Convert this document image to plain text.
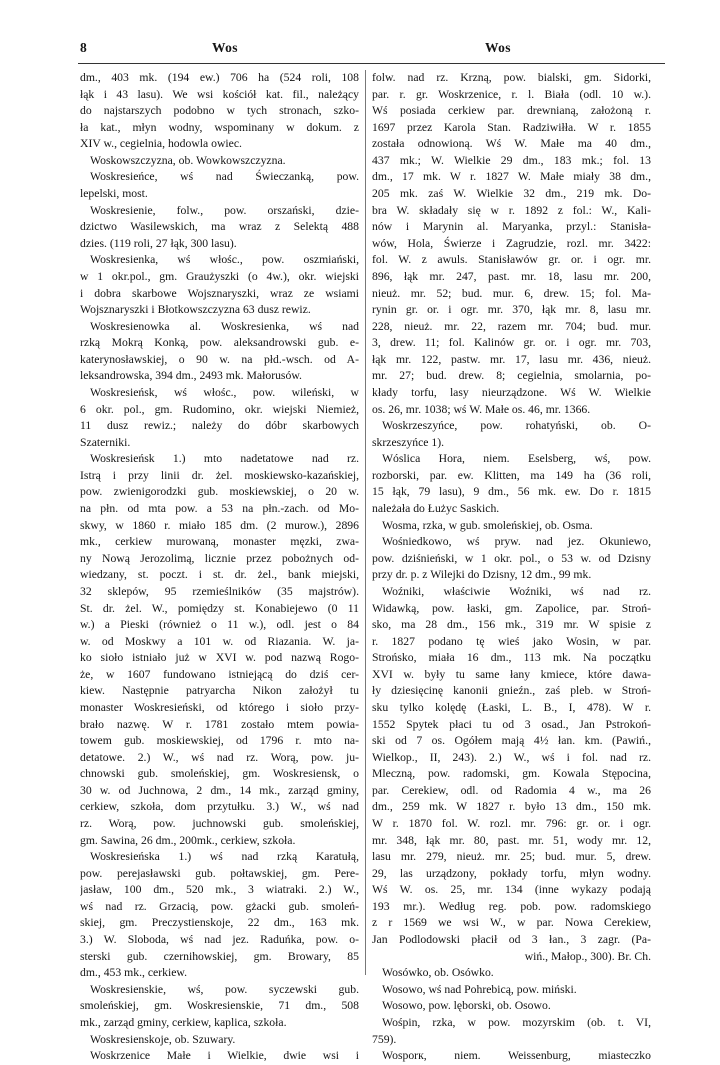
8	Wos	Wos
dm., 403 mk. (194 ew.) 706 ha (524 roli, 108
łąk i 43 lasu). We wsi kościół kat. fil., należący
do najstarszych podobno w tych stronach, szko-
ła kat., młyn wodny, wspominany w dokum. z
XIV w., cegielnia, hodowla owiec.
Woskowszczyzna, ob. Wowkowszczyzna.
Woskresieńce, wś nad Świeczanką, pow.
lepelski, most.
Woskresienie, folw., pow. orszański, dzie-
dzictwo Wasilewskich, ma wraz z Selektą 488
dzies. (119 roli, 27 łąk, 300 lasu).
Woskresienka, wś włośc., pow. oszmiański,
w 1 okr.pol., gm. Graużyszki (o 4w.), okr. wiejski
i dobra skarbowe Wojsznaryszki, wraz ze wsiami
Wojsznaryszki i Błotkowszczyzna 63 dusz rewiz.
Woskresienowka al. Woskresienka, wś nad
rzką Mokrą Konką, pow. aleksandrowski gub. e-
katerynosławskiej, o 90 w. na płd.-wsch. od A-
leksandrowska, 394 dm., 2493 mk. Małorusów.
Woskresieńsk, wś włośc., pow. wileński, w
6 okr. pol., gm. Rudomino, okr. wiejski Niemież,
11 dusz rewiz.; należy do dóbr skarbowych
Szaterniki.
Woskresieńsk 1.) mto nadetatowe nad rz.
Istrą i przy linii dr. żel. moskiewsko-kazańskiej,
pow. zwienigorodzki gub. moskiewskiej, o 20 w.
na płn. od mta pow. a 53 na płn.-zach. od Mo-
skwy, w 1860 r. miało 185 dm. (2 murow.), 2896
mk., cerkiew murowaną, monaster męzki, zwa-
ny Nową Jerozolimą, licznie przez pobożnych od-
wiedzany, st. poczt. i st. dr. żel., bank miejski,
32 sklepów, 95 rzemieślników (35 majstrów).
St. dr. żel. W., pomiędzy st. Konabiejewo (0 11
w.) a Pieski (również o 11 w.), odl. jest o 84
w. od Moskwy a 101 w. od Riazania. W. ja-
ko sioło istniało już w XVI w. pod nazwą Rogo-
że, w 1607 fundowano istniejącą do dziś cer-
kiew. Następnie patryarcha Nikon założył tu
monaster Woskresieński, od którego i sioło przy-
brało nazwę. W r. 1781 zostało mtem powia-
towem gub. moskiewskiej, od 1796 r. mto na-
detatowe. 2.) W., wś nad rz. Worą, pow. ju-
chnowski gub. smoleńskiej, gm. Woskresiensk, o
30 w. od Juchnowa, 2 dm., 14 mk., zarząd gminy,
cerkiew, szkoła, dom przytułku. 3.) W., wś nad
rz. Worą, pow. juchnowski gub. smoleńskiej,
gm. Sawina, 26 dm., 200mk., cerkiew, szkoła.
Woskresieńska 1.) wś nad rzką Karatułą,
pow. perejasławski gub. połtawskiej, gm. Pere-
jasław, 100 dm., 520 mk., 3 wiatraki. 2.) W.,
wś nad rz. Grzacią, pow. gżacki gub. smoleń-
skiej, gm. Preczystienskoje, 22 dm., 163 mk.
3.) W. Sloboda, wś nad jez. Raduńka, pow. o-
sterski gub. czernihowskiej, gm. Browary, 85
dm., 453 mk., cerkiew.
Woskresienskie, wś, pow. syczewski gub.
smoleńskiej, gm. Woskresienskie, 71 dm., 508
mk., zarząd gminy, cerkiew, kaplica, szkoła.
Woskresienskoje, ob. Szuwary.
Woskrzenice Małe i Wielkie, dwie wsi i
folw. nad rz. Krzną, pow. bialski, gm. Sidorki,
par. r. gr. Woskrzenice, r. l. Biała (odl. 10 w.).
Wś posiada cerkiew par. drewnianą, założoną r.
1697 przez Karola Stan. Radziwiłła. W r. 1855
została odnowioną. Wś W. Małe ma 40 dm.,
437 mk.; W. Wielkie 29 dm., 183 mk.; fol. 13
dm., 17 mk. W r. 1827 W. Małe miały 38 dm.,
205 mk. zaś W. Wielkie 32 dm., 219 mk. Do-
bra W. składały się w r. 1892 z fol.: W., Kali-
nów i Marynin al. Maryanka, przyl.: Stanisła-
wów, Hola, Świerze i Zagrudzie, rozl. mr. 3422:
fol. W. z awuls. Stanisławów gr. or. i ogr. mr.
896, łąk mr. 247, past. mr. 18, lasu mr. 200,
nieuż. mr. 52; bud. mur. 6, drew. 15; fol. Ma-
rynin gr. or. i ogr. mr. 370, łąk mr. 8, lasu mr.
228, nieuż. mr. 22, razem mr. 704; bud. mur.
3, drew. 11; fol. Kalinów gr. or. i ogr. mr. 703,
łąk mr. 122, pastw. mr. 17, lasu mr. 436, nieuż.
mr. 27; bud. drew. 8; cegielnia, smolarnia, po-
kłady torfu, lasy nieurządzone. Wś W. Wielkie
os. 26, mr. 1038; wś W. Małe os. 46, mr. 1366.
Woskrzeszyńce, pow. rohatyński, ob. O-
skrzeszyńce 1).
Wóslica Hora, niem. Eselsberg, wś, pow.
rozborski, par. ew. Klitten, ma 149 ha (36 roli,
15 łąk, 79 lasu), 9 dm., 56 mk. ew. Do r. 1815
należała do Łużyc Saskich.
Wosma, rzka, w gub. smoleńskiej, ob. Osma.
Wośniedkowo, wś pryw. nad jez. Okuniewo,
pow. dziśnieński, w 1 okr. pol., o 53 w. od Dzisny
przy dr. p. z Wilejki do Dzisny, 12 dm., 99 mk.
Woźniki, właściwie Woźniki, wś nad rz.
Widawką, pow. łaski, gm. Zapolice, par. Stroń-
sko, ma 28 dm., 156 mk., 319 mr. W spisie z
r. 1827 podano tę wieś jako Wosin, w par.
Strońsko, miała 16 dm., 113 mk. Na początku
XVI w. były tu same łany kmiece, które dawa-
ły dziesięcinę kanonii gnieźn., zaś pleb. w Stroń-
sku tylko kolędę (Łaski, L. B., I, 478). W r.
1552 Spytek płaci tu od 3 osad., Jan Pstrokoń-
ski od 7 os. Ogółem mają 4½ łan. km. (Pawiń.,
Wielkop., II, 243). 2.) W., wś i fol. nad rz.
Mleczną, pow. radomski, gm. Kowala Stępocina,
par. Cerekiew, odl. od Radomia 4 w., ma 26
dm., 259 mk. W 1827 r. było 13 dm., 150 mk.
W r. 1870 fol. W. rozl. mr. 796: gr. or. i ogr.
mr. 348, łąk mr. 80, past. mr. 51, wody mr. 12,
lasu mr. 279, nieuż. mr. 25; bud. mur. 5, drew.
29, las urządzony, pokłady torfu, młyn wodny.
Wś W. os. 25, mr. 134 (inne wykazy podają
193 mr.). Według reg. pob. pow. radomskiego
z r 1569 we wsi W., w par. Nowa Cerekiew,
Jan Podlodowski płacił od 3 łan., 3 zagr. (Pa-
wiń., Małop., 300). Br. Ch.
Wosówko, ob. Osówko.
Wosowo, wś nad Pohrebicą, pow. miński.
Wosowo, pow. lęborski, ob. Osowo.
Wośpin, rzka, w pow. mozyrskim (ob. t. VI,
759).
Wosporк, niem. Weissenburg, miasteczko
